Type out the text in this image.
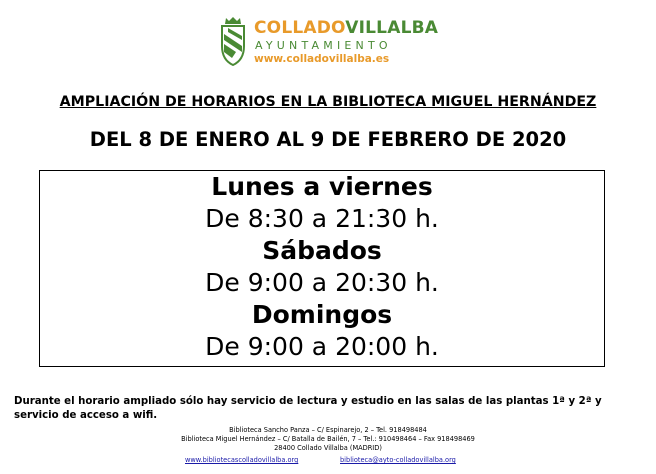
COLLADOVILLALBA
AYUNTAMIENTO
www.colladovillalba.es
AMPLIACIÓN DE HORARIOS EN LA BIBLIOTECA MIGUEL HERNÁNDEZ
DEL 8 DE ENERO AL 9 DE FEBRERO DE 2020
Lunes a viernes
De 8:30 a 21:30 h.
Sábados
De 9:00 a 20:30 h.
Domingos
De 9:00 a 20:00 h.
Durante el horario ampliado sólo hay servicio de lectura y estudio en las salas de las plantas 1ª y 2ª y servicio de acceso a wifi.
Biblioteca Sancho Panza – C/ Espinarejo, 2 – Tel. 918498484
Biblioteca Miguel Hernández – C/ Batalla de Bailén, 7 – Tel.: 910498464 – Fax 918498469
28400 Collado Villalba (MADRID)
www.bibliotecascolladovillalba.org	biblioteca@ayto-colladovillalba.org
